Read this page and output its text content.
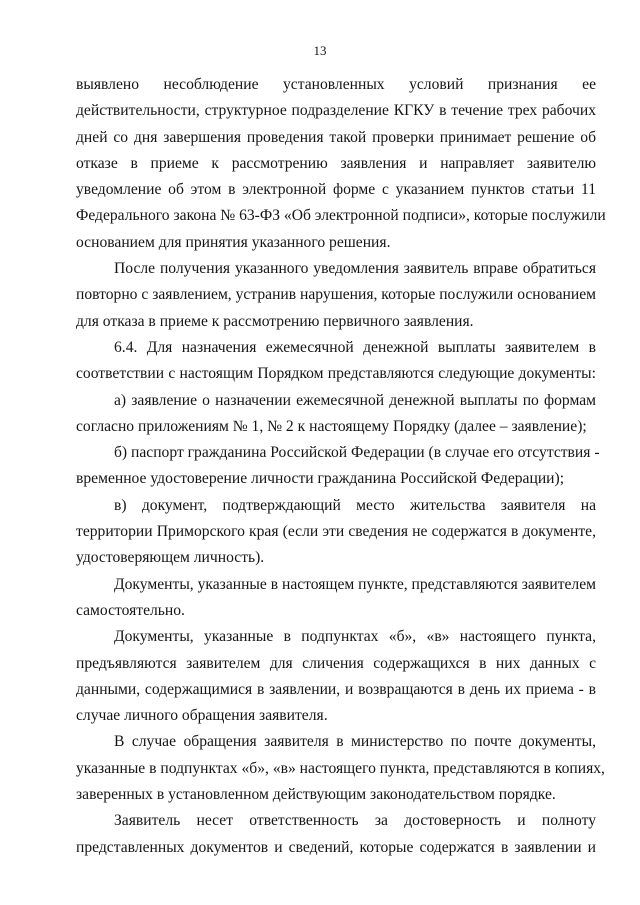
13
выявлено несоблюдение установленных условий признания ее
действительности, структурное подразделение КГКУ в течение трех рабочих
дней со дня завершения проведения такой проверки принимает решение об
отказе в приеме к рассмотрению заявления и направляет заявителю
уведомление об этом в электронной форме с указанием пунктов статьи 11
Федерального закона № 63-ФЗ «Об электронной подписи», которые послужили
основанием для принятия указанного решения.
После получения указанного уведомления заявитель вправе обратиться
повторно с заявлением, устранив нарушения, которые послужили основанием
для отказа в приеме к рассмотрению первичного заявления.
6.4. Для назначения ежемесячной денежной выплаты заявителем в
соответствии с настоящим Порядком представляются следующие документы:
а) заявление о назначении ежемесячной денежной выплаты по формам
согласно приложениям № 1, № 2 к настоящему Порядку (далее – заявление);
б) паспорт гражданина Российской Федерации (в случае его отсутствия -
временное удостоверение личности гражданина Российской Федерации);
в) документ, подтверждающий место жительства заявителя на
территории Приморского края (если эти сведения не содержатся в документе,
удостоверяющем личность).
Документы, указанные в настоящем пункте, представляются заявителем
самостоятельно.
Документы, указанные в подпунктах «б», «в» настоящего пункта,
предъявляются заявителем для сличения содержащихся в них данных с
данными, содержащимися в заявлении, и возвращаются в день их приема - в
случае личного обращения заявителя.
В случае обращения заявителя в министерство по почте документы,
указанные в подпунктах «б», «в» настоящего пункта, представляются в копиях,
заверенных в установленном действующим законодательством порядке.
Заявитель несет ответственность за достоверность и полноту
представленных документов и сведений, которые содержатся в заявлении и
